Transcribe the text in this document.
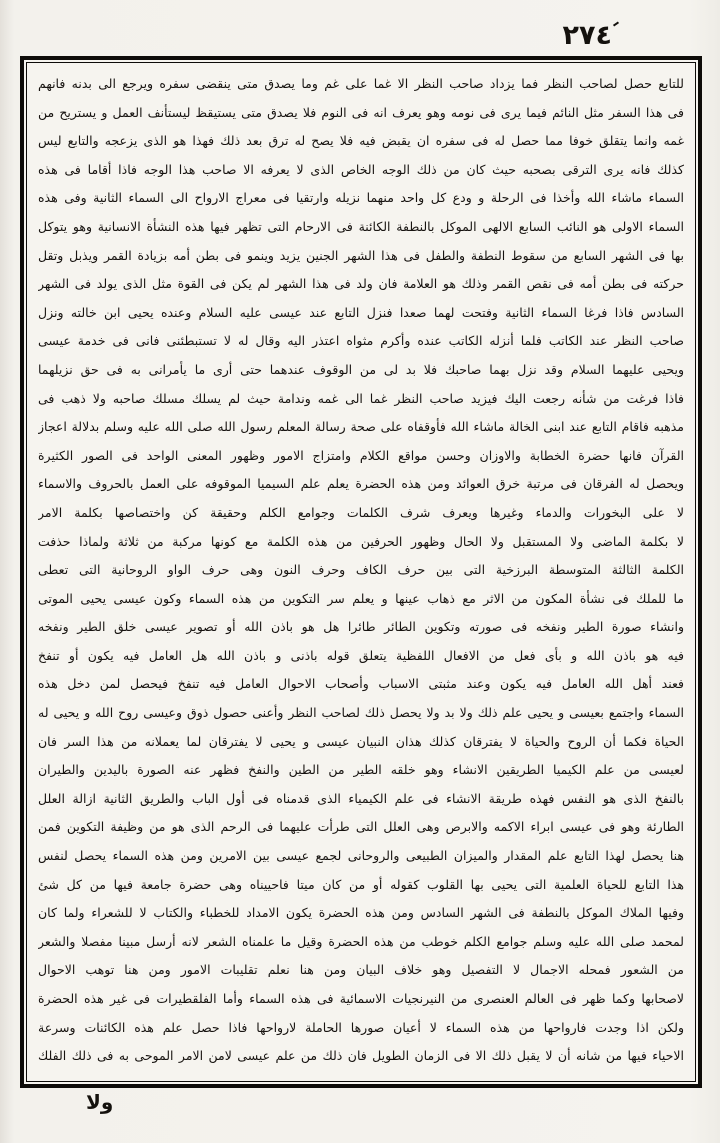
٢٧٤
للتابع حصل لصاحب النظر فما يزداد صاحب النظر الا غما على غم وما يصدق متى ينقضى سفره ويرجع الى بدنه فانهم
فى هذا السفر مثل النائم فيما يرى فى نومه وهو يعرف انه فى النوم فلا يصدق متى يستيقظ ليستأنف العمل و يستريح من
غمه وانما يتقلق خوفا مما حصل له فى سفره ان يقبض فيه فلا يصح له ترق بعد ذلك فهذا هو الذى يزعجه والتابع ليس
كذلك فانه يرى الترقى بصحبه حيث كان من ذلك الوجه الخاص الذى لا يعرفه الا صاحب هذا الوجه فاذا أقاما فى هذه
السماء ماشاء الله وأخذا فى الرحلة و ودع كل واحد منهما نزيله وارتقيا فى معراج الارواح الى السماء الثانية وفى هذه
السماء الاولى هو النائب السابع الالهى الموكل بالنطفة الكائنة فى الارحام التى تظهر فيها هذه النشأة الانسانية وهو يتوكل
بها فى الشهر السابع من سقوط النطفة والطفل فى هذا الشهر الجنين يزيد وينمو فى بطن أمه بزيادة القمر ويذبل وتقل
حركته فى بطن أمه فى نقص القمر وذلك هو العلامة فان ولد فى هذا الشهر لم يكن فى القوة مثل الذى يولد فى الشهر
السادس فاذا فرغا السماء الثانية وفتحت لهما صعدا فنزل التابع عند عيسى عليه السلام وعنده يحيى ابن خالته ونزل
صاحب النظر عند الكاتب فلما أنزله الكاتب عنده وأكرم مثواه اعتذر اليه وقال له لا تستبطئنى فانى فى خدمة عيسى
ويحيى عليهما السلام وقد نزل بهما صاحبك فلا بد لى من الوقوف عندهما حتى أرى ما يأمرانى به فى حق نزيلهما
فاذا فرغت من شأنه رجعت اليك فيزيد صاحب النظر غما الى غمه وندامة حيث لم يسلك مسلك صاحبه ولا ذهب فى
مذهبه فاقام التابع عند ابنى الخالة ماشاء الله فأوقفاه على صحة رسالة المعلم رسول الله صلى الله عليه وسلم بدلالة اعجاز
القرآن فانها حضرة الخطابة والاوزان وحسن مواقع الكلام وامتزاج الامور وظهور المعنى الواحد فى الصور الكثيرة
ويحصل له الفرقان فى مرتبة خرق العوائد ومن هذه الحضرة يعلم علم السيميا الموقوفه على العمل بالحروف والاسماء
لا على البخورات والدماء وغيرها ويعرف شرف الكلمات وجوامع الكلم وحقيقة كن واختصاصها بكلمة الامر
لا بكلمة الماضى ولا المستقبل ولا الحال وظهور الحرفين من هذه الكلمة مع كونها مركبة من ثلاثة ولماذا حذفت
الكلمة الثالثة المتوسطة البرزخية التى بين حرف الكاف وحرف النون وهى حرف الواو الروحانية التى تعطى
ما للملك فى نشأة المكون من الاثر مع ذهاب عينها و يعلم سر التكوين من هذه السماء وكون عيسى يحيى الموتى
وانشاء صورة الطير ونفخه فى صورته وتكوين الطائر طائرا هل هو باذن الله أو تصوير عيسى خلق الطير ونفخه
فيه هو باذن الله و بأى فعل من الافعال اللفظية يتعلق قوله باذنى و باذن الله هل العامل فيه يكون أو تنفخ
فعند أهل الله العامل فيه يكون وعند مثبتى الاسباب وأصحاب الاحوال العامل فيه تنفخ فيحصل لمن دخل هذه
السماء واجتمع بعيسى و يحيى علم ذلك ولا بد ولا يحصل ذلك لصاحب النظر وأعنى حصول ذوق وعيسى روح الله و يحيى له
الحياة فكما أن الروح والحياة لا يفترقان كذلك هذان النبيان عيسى و يحيى لا يفترقان لما يعملانه من هذا السر فان
لعيسى من علم الكيميا الطريقين الانشاء وهو خلقه الطير من الطين والنفخ فظهر عنه الصورة باليدين والطيران
بالنفخ الذى هو النفس فهذه طريقة الانشاء فى علم الكيمياء الذى قدمناه فى أول الباب والطريق الثانية ازالة العلل
الطارئة وهو فى عيسى ابراء الاكمه والابرص وهى العلل التى طرأت عليهما فى الرحم الذى هو من وظيفة التكوين فمن
هنا يحصل لهذا التابع علم المقدار والميزان الطبيعى والروحانى لجمع عيسى بين الامرين ومن هذه السماء يحصل لنفس
هذا التابع للحياة العلمية التى يحيى بها القلوب كقوله أو من كان ميتا فاحييناه وهى حضرة جامعة فيها من كل شئ
وفيها الملاك الموكل بالنطفة فى الشهر السادس ومن هذه الحضرة يكون الامداد للخطباء والكتاب لا للشعراء ولما كان
لمحمد صلى الله عليه وسلم جوامع الكلم خوطب من هذه الحضرة وقيل ما علمناه الشعر لانه أرسل مبينا مفصلا والشعر
من الشعور فمحله الاجمال لا التفصيل وهو خلاف البيان ومن هنا نعلم تقليبات الامور ومن هنا توهب الاحوال
لاصحابها وكما ظهر فى العالم العنصرى من النيرنجيات الاسمائية فى هذه السماء وأما الفلقطيرات فى غير هذه الحضرة
ولكن اذا وجدت فارواحها من هذه السماء لا أعيان صورها الحاملة لارواحها فاذا حصل علم هذه الكائنات وسرعة
الاحياء فيها من شانه أن لا يقبل ذلك الا فى الزمان الطويل فان ذلك من علم عيسى لامن الامر الموحى به فى ذلك الفلك
ولا
